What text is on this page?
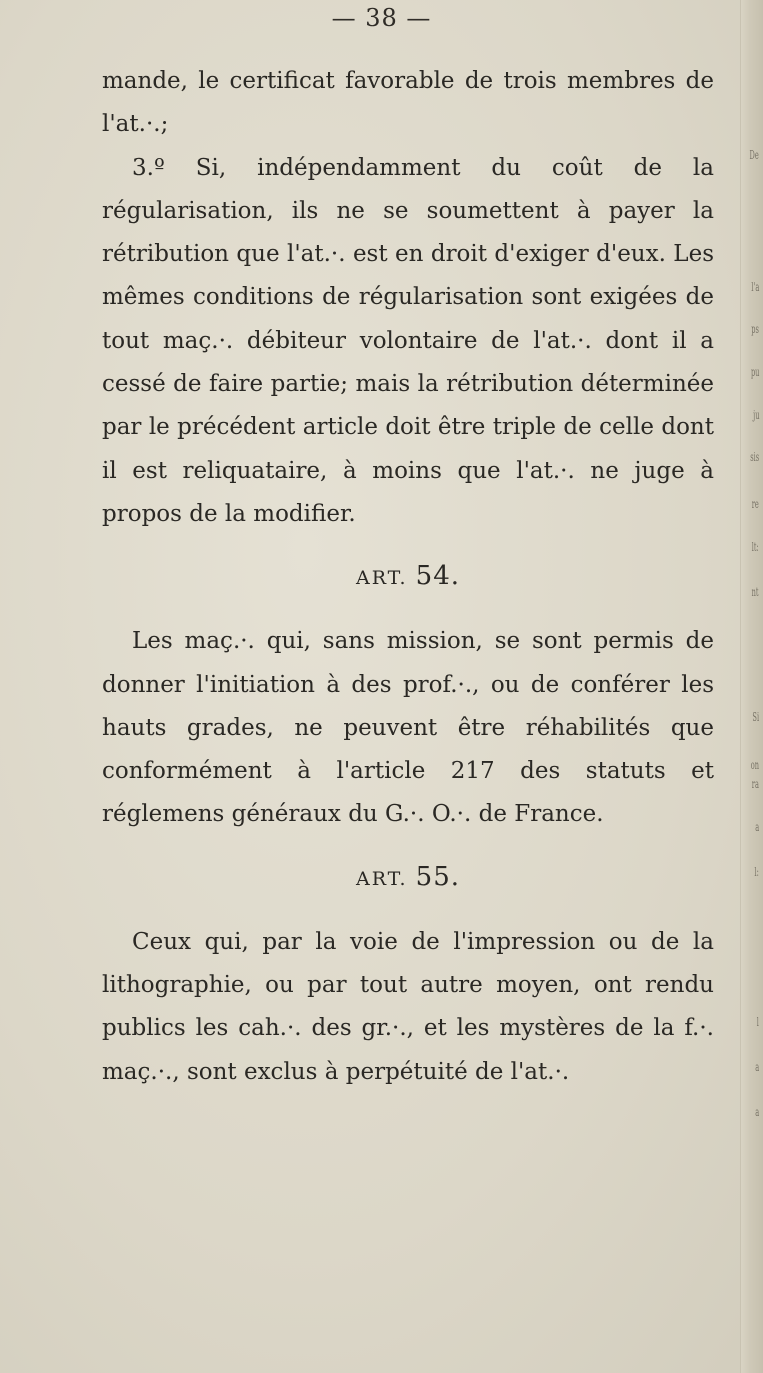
De
l'a
ps
pu
ju
sis
re
lt:
nt
Si
on
ra
a
l:
l
a
a
— 38 —

mande, le certificat favorable de trois membres de l'at.·.;

3.º Si, indépendamment du coût de la régularisation, ils ne se soumettent à payer la rétribution que l'at.·. est en droit d'exiger d'eux. Les mêmes conditions de régularisation sont exigées de tout maç.·. débiteur volontaire de l'at.·. dont il a cessé de faire partie; mais la rétribution déterminée par le précédent article doit être triple de celle dont il est reliquataire, à moins que l'at.·. ne juge à propos de la modifier.

ART. 54.

Les maç.·. qui, sans mission, se sont permis de donner l'initiation à des prof.·., ou de conférer les hauts grades, ne peuvent être réhabilités que conformément à l'article 217 des statuts et réglemens généraux du G.·. O.·. de France.

ART. 55.

Ceux qui, par la voie de l'impression ou de la lithographie, ou par tout autre moyen, ont rendu publics les cah.·. des gr.·., et les mystères de la f.·. maç.·., sont exclus à perpétuité de l'at.·.
